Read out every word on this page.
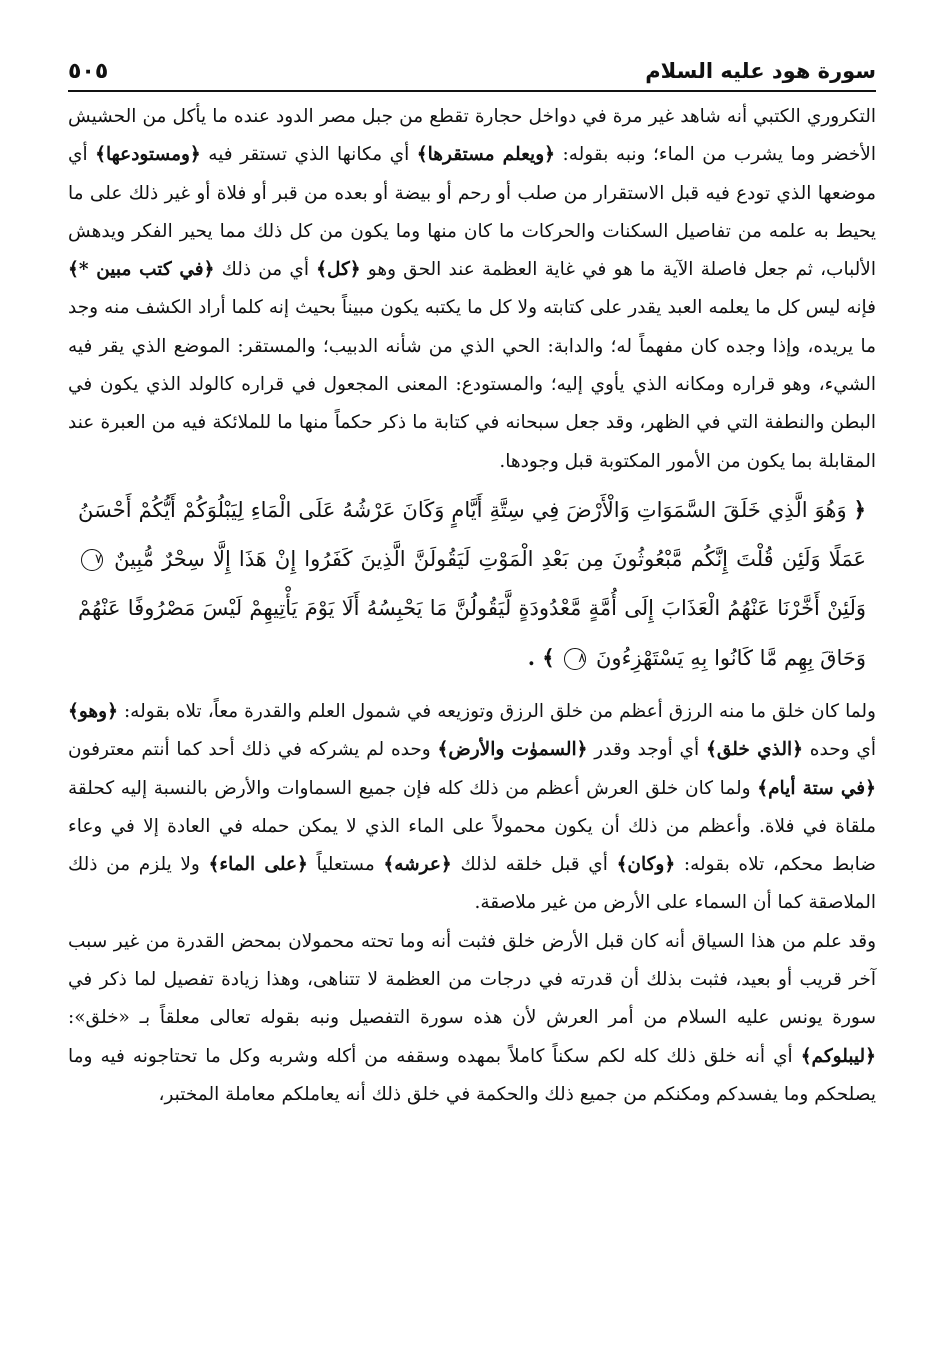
سورة هود عليه السلام
٥٠٥

التكروري الكتبي أنه شاهد غير مرة في دواخل حجارة تقطع من جبل مصر الدود عنده ما يأكل من الحشيش الأخضر وما يشرب من الماء؛ ونبه بقوله: ﴿ويعلم مستقرها﴾ أي مكانها الذي تستقر فيه ﴿ومستودعها﴾ أي موضعها الذي تودع فيه قبل الاستقرار من صلب أو رحم أو بيضة أو بعده من قبر أو فلاة أو غير ذلك على ما يحيط به علمه من تفاصيل السكنات والحركات ما كان منها وما يكون من كل ذلك مما يحير الفكر ويدهش الألباب، ثم جعل فاصلة الآية ما هو في غاية العظمة عند الحق وهو ﴿كل﴾ أي من ذلك ﴿في كتب مبين *﴾ فإنه ليس كل ما يعلمه العبد يقدر على كتابته ولا كل ما يكتبه يكون مبيناً بحيث إنه كلما أراد الكشف منه وجد ما يريده، وإذا وجده كان مفهماً له؛ والدابة: الحي الذي من شأنه الدبيب؛ والمستقر: الموضع الذي يقر فيه الشيء، وهو قراره ومكانه الذي يأوي إليه؛ والمستودع: المعنى المجعول في قراره كالولد الذي يكون في البطن والنطفة التي في الظهر، وقد جعل سبحانه في كتابة ما ذكر حكماً منها ما للملائكة فيه من العبرة عند المقابلة بما يكون من الأمور المكتوبة قبل وجودها.

﴿ وَهُوَ الَّذِي خَلَقَ السَّمَوَاتِ وَالْأَرْضَ فِي سِتَّةِ أَيَّامٍ وَكَانَ عَرْشُهُ عَلَى الْمَاءِ لِيَبْلُوَكُمْ أَيُّكُمْ أَحْسَنُ عَمَلًا وَلَئِن قُلْتَ إِنَّكُم مَّبْعُوثُونَ مِن بَعْدِ الْمَوْتِ لَيَقُولَنَّ الَّذِينَ كَفَرُوا إِنْ هَذَا إِلَّا سِحْرٌ مُّبِينٌ ٧ وَلَئِنْ أَخَّرْنَا عَنْهُمُ الْعَذَابَ إِلَى أُمَّةٍ مَّعْدُودَةٍ لَّيَقُولُنَّ مَا يَحْبِسُهُ أَلَا يَوْمَ يَأْتِيهِمْ لَيْسَ مَصْرُوفًا عَنْهُمْ وَحَاقَ بِهِم مَّا كَانُوا بِهِ يَسْتَهْزِءُونَ ٨ ﴾ .

ولما كان خلق ما منه الرزق أعظم من خلق الرزق وتوزيعه في شمول العلم والقدرة معاً، تلاه بقوله: ﴿وهو﴾ أي وحده ﴿الذي خلق﴾ أي أوجد وقدر ﴿السموٰت والأرض﴾ وحده لم يشركه في ذلك أحد كما أنتم معترفون ﴿في ستة أيام﴾ ولما كان خلق العرش أعظم من ذلك كله فإن جميع السماوات والأرض بالنسبة إليه كحلقة ملقاة في فلاة. وأعظم من ذلك أن يكون محمولاً على الماء الذي لا يمكن حمله في العادة إلا في وعاء ضابط محكم، تلاه بقوله: ﴿وكان﴾ أي قبل خلقه لذلك ﴿عرشه﴾ مستعلياً ﴿على الماء﴾ ولا يلزم من ذلك الملاصقة كما أن السماء على الأرض من غير ملاصقة.

وقد علم من هذا السياق أنه كان قبل الأرض خلق فثبت أنه وما تحته محمولان بمحض القدرة من غير سبب آخر قريب أو بعيد، فثبت بذلك أن قدرته في درجات من العظمة لا تتناهى، وهذا زيادة تفصيل لما ذكر في سورة يونس عليه السلام من أمر العرش لأن هذه سورة التفصيل ونبه بقوله تعالى معلقاً بـ «خلق»: ﴿ليبلوكم﴾ أي أنه خلق ذلك كله لكم سكناً كاملاً بمهده وسقفه من أكله وشربه وكل ما تحتاجونه فيه وما يصلحكم وما يفسدكم ومكنكم من جميع ذلك والحكمة في خلق ذلك أنه يعاملكم معاملة المختبر،
